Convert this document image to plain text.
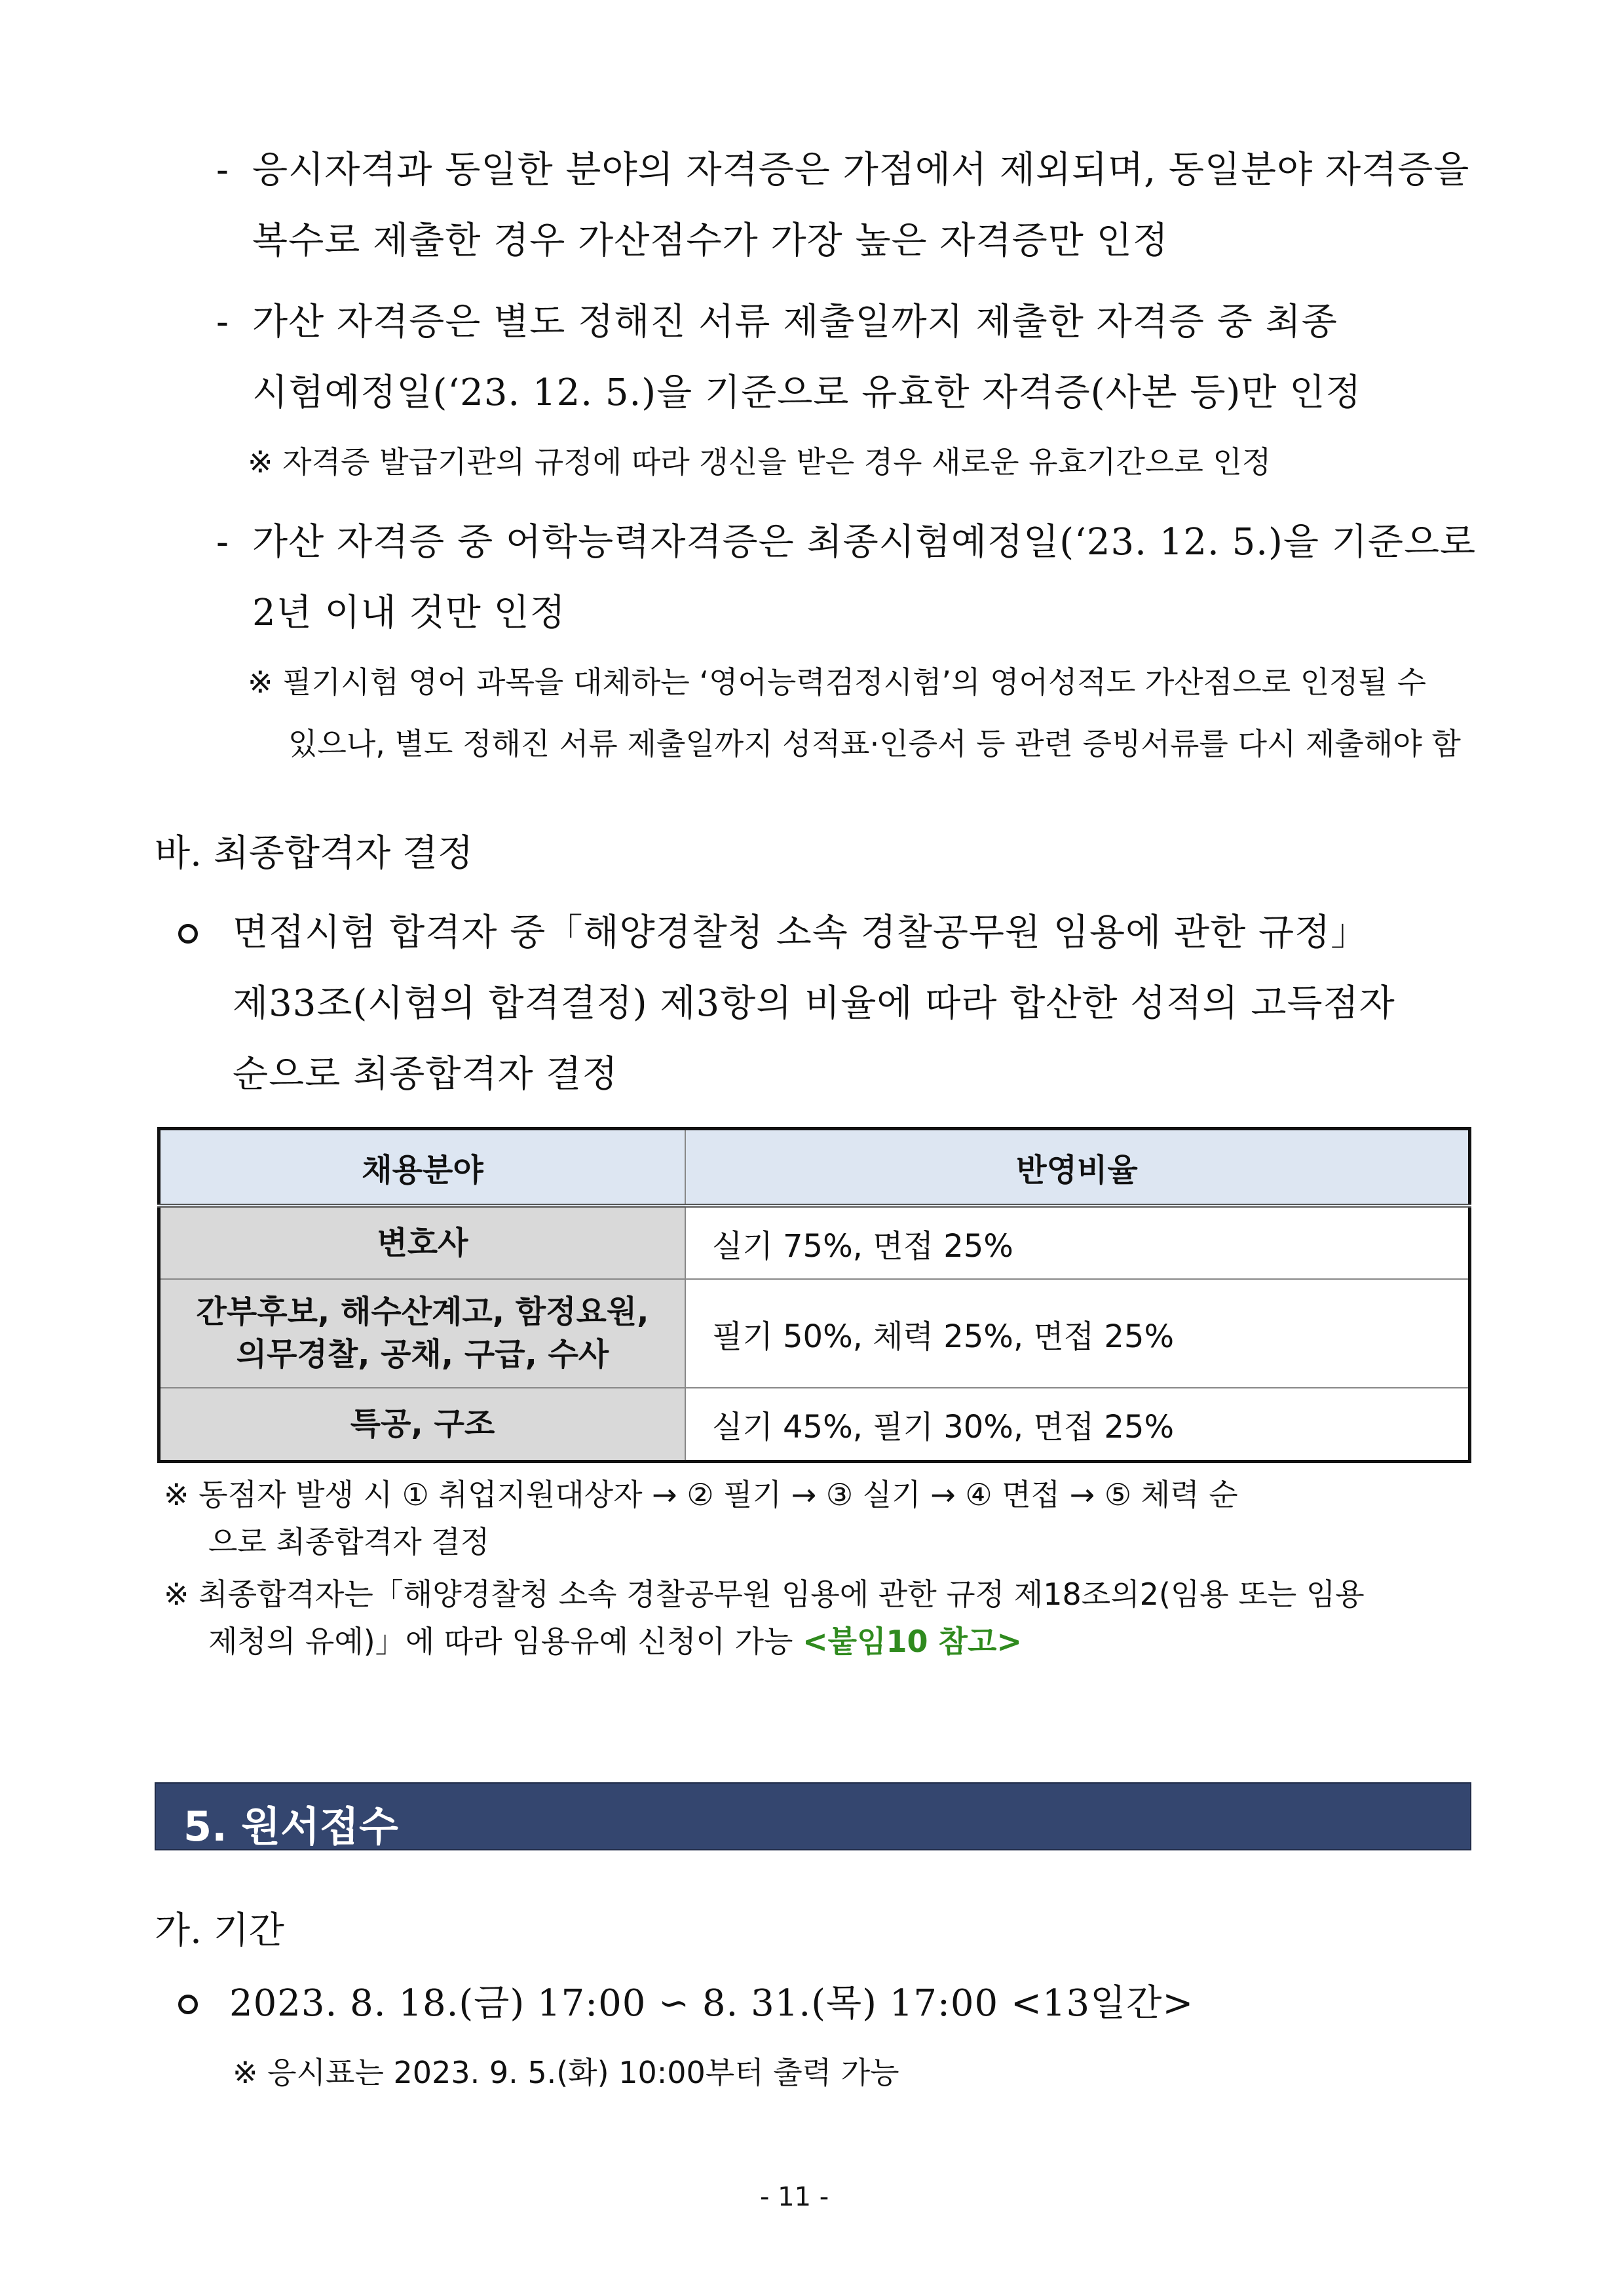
- 응시자격과 동일한 분야의 자격증은 가점에서 제외되며, 동일분야 자격증을
복수로 제출한 경우 가산점수가 가장 높은 자격증만 인정
- 가산 자격증은 별도 정해진 서류 제출일까지 제출한 자격증 중 최종
시험예정일(‘23. 12. 5.)을 기준으로 유효한 자격증(사본 등)만 인정
※ 자격증 발급기관의 규정에 따라 갱신을 받은 경우 새로운 유효기간으로 인정
- 가산 자격증 중 어학능력자격증은 최종시험예정일(‘23. 12. 5.)을 기준으로
2년 이내 것만 인정
※ 필기시험 영어 과목을 대체하는 ‘영어능력검정시험’의 영어성적도 가산점으로 인정될 수
있으나, 별도 정해진 서류 제출일까지 성적표·인증서 등 관련 증빙서류를 다시 제출해야 함
바. 최종합격자 결정
면접시험 합격자 중「해양경찰청 소속 경찰공무원 임용에 관한 규정」
제33조(시험의 합격결정) 제3항의 비율에 따라 합산한 성적의 고득점자
순으로 최종합격자 결정
채용분야	반영비율
변호사	실기 75%, 면접 25%
간부후보, 해수산계고, 함정요원,
의무경찰, 공채, 구급, 수사	필기 50%, 체력 25%, 면접 25%
특공, 구조	실기 45%, 필기 30%, 면접 25%
※ 동점자 발생 시 ① 취업지원대상자 → ② 필기 → ③ 실기 → ④ 면접 → ⑤ 체력 순
으로 최종합격자 결정
※ 최종합격자는「해양경찰청 소속 경찰공무원 임용에 관한 규정 제18조의2(임용 또는 임용
제청의 유예)」에 따라 임용유예 신청이 가능 <붙임10 참고>
5. 원서접수
가. 기간
2023. 8. 18.(금) 17:00 ∽ 8. 31.(목) 17:00 <13일간>
※ 응시표는 2023. 9. 5.(화) 10:00부터 출력 가능
- 11 -
